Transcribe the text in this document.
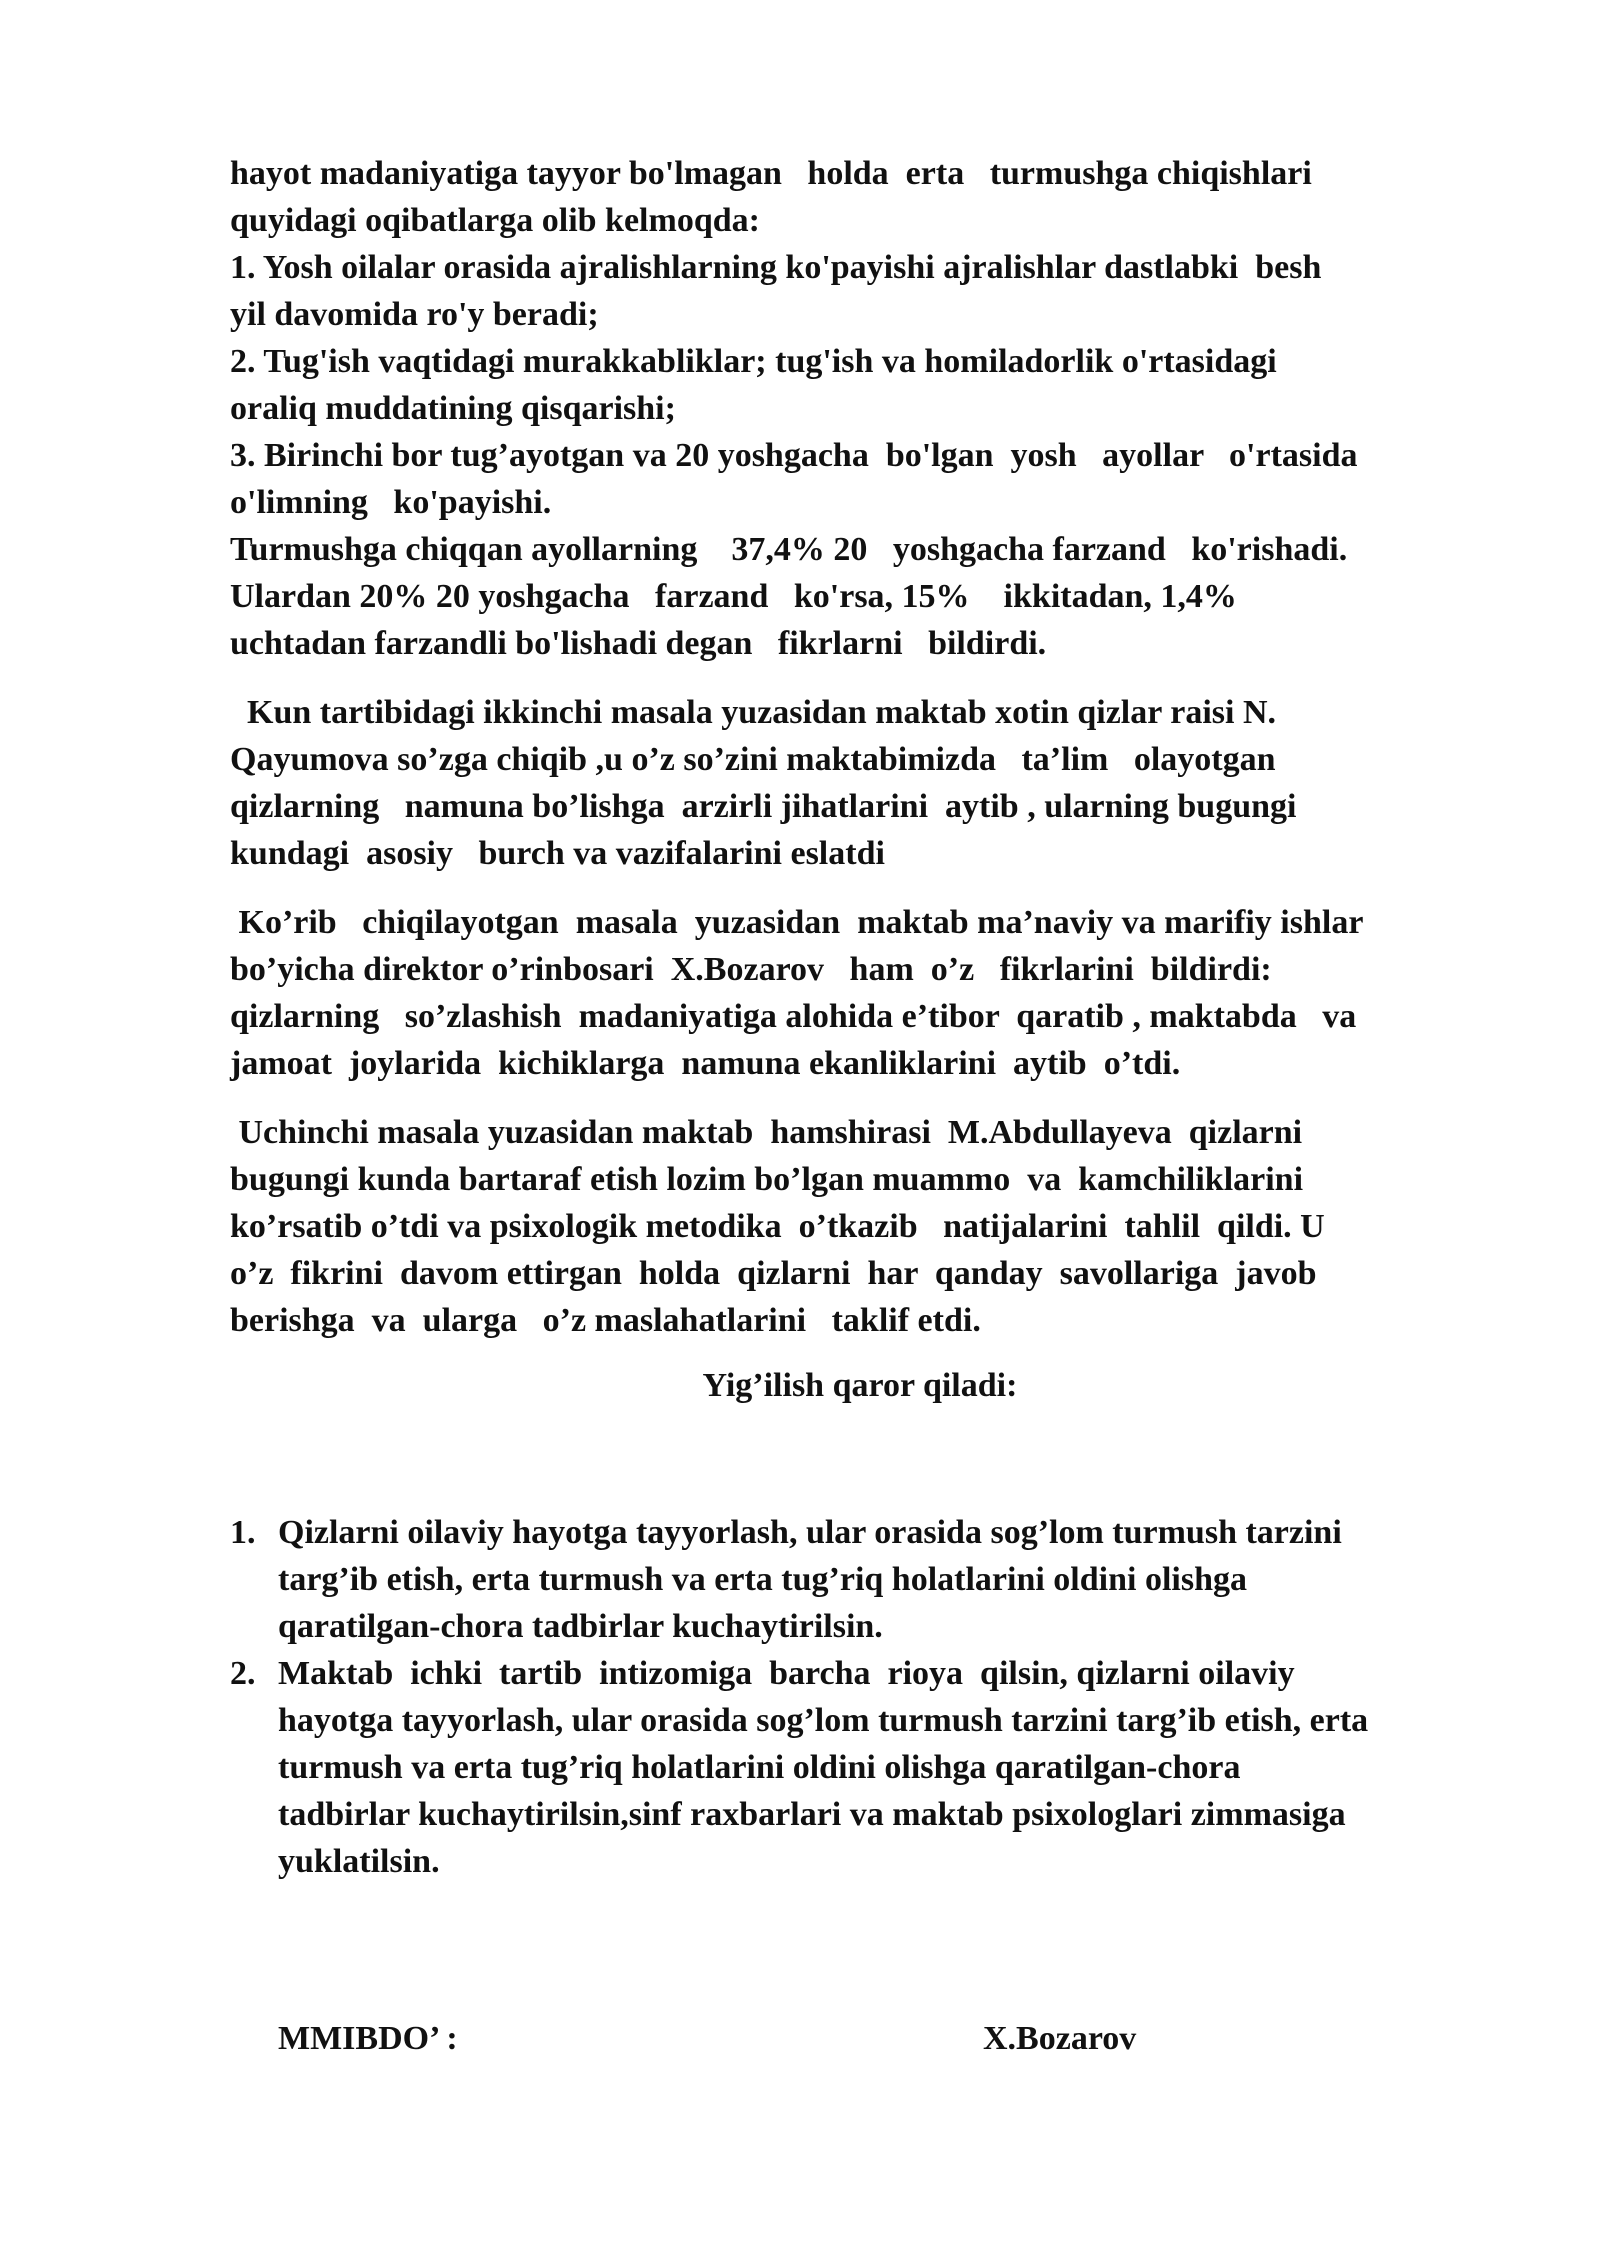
hayot madaniyatiga tayyor bo'lmagan   holda  erta   turmushga chiqishlari

quyidagi oqibatlarga olib kelmoqda:

1. Yosh oilalar orasida ajralishlarning ko'payishi ajralishlar dastlabki  besh

yil davomida ro'y beradi;

2. Tug'ish vaqtidagi murakkabliklar; tug'ish va homiladorlik o'rtasidagi

oraliq muddatining qisqarishi;

3. Birinchi bor tug’ayotgan va 20 yoshgacha  bo'lgan  yosh   ayollar   o'rtasida

o'limning   ko'payishi.

Turmushga chiqqan ayollarning    37,4% 20   yoshgacha farzand   ko'rishadi.

Ulardan 20% 20 yoshgacha   farzand   ko'rsa, 15%    ikkitadan, 1,4%

uchtadan farzandli bo'lishadi degan   fikrlarni   bildirdi.

Kun tartibidagi ikkinchi masala yuzasidan maktab xotin qizlar raisi N.

Qayumova so’zga chiqib ,u o’z so’zini maktabimizda   ta’lim   olayotgan

qizlarning   namuna bo’lishga  arzirli jihatlarini  aytib , ularning bugungi

kundagi  asosiy   burch va vazifalarini eslatdi

Ko’rib   chiqilayotgan  masala  yuzasidan  maktab ma’naviy va marifiy ishlar

bo’yicha direktor o’rinbosari  X.Bozarov   ham  o’z   fikrlarini  bildirdi:

qizlarning   so’zlashish  madaniyatiga alohida e’tibor  qaratib , maktabda   va

jamoat  joylarida  kichiklarga  namuna ekanliklarini  aytib  o’tdi.

Uchinchi masala yuzasidan maktab  hamshirasi  M.Abdullayeva  qizlarni

bugungi kunda bartaraf etish lozim bo’lgan muammo  va  kamchiliklarini

ko’rsatib o’tdi va psixologik metodika  o’tkazib   natijalarini  tahlil  qildi. U

o’z  fikrini  davom ettirgan  holda  qizlarni  har  qanday  savollariga  javob

berishga  va  ularga   o’z maslahatlarini   taklif etdi.

Yig’ilish qaror qiladi:
1. Qizlarni oilaviy hayotga tayyorlash, ular orasida sog’lom turmush tarzini

targ’ib etish, erta turmush va erta tug’riq holatlarini oldini olishga

qaratilgan-chora tadbirlar kuchaytirilsin.

2. Maktab  ichki  tartib  intizomiga  barcha  rioya  qilsin, qizlarni oilaviy

hayotga tayyorlash, ular orasida sog’lom turmush tarzini targ’ib etish, erta

turmush va erta tug’riq holatlarini oldini olishga qaratilgan-chora

tadbirlar kuchaytirilsin,sinf raxbarlari va maktab psixologlari zimmasiga

yuklatilsin.

MMIBDO’ :	X.Bozarov
